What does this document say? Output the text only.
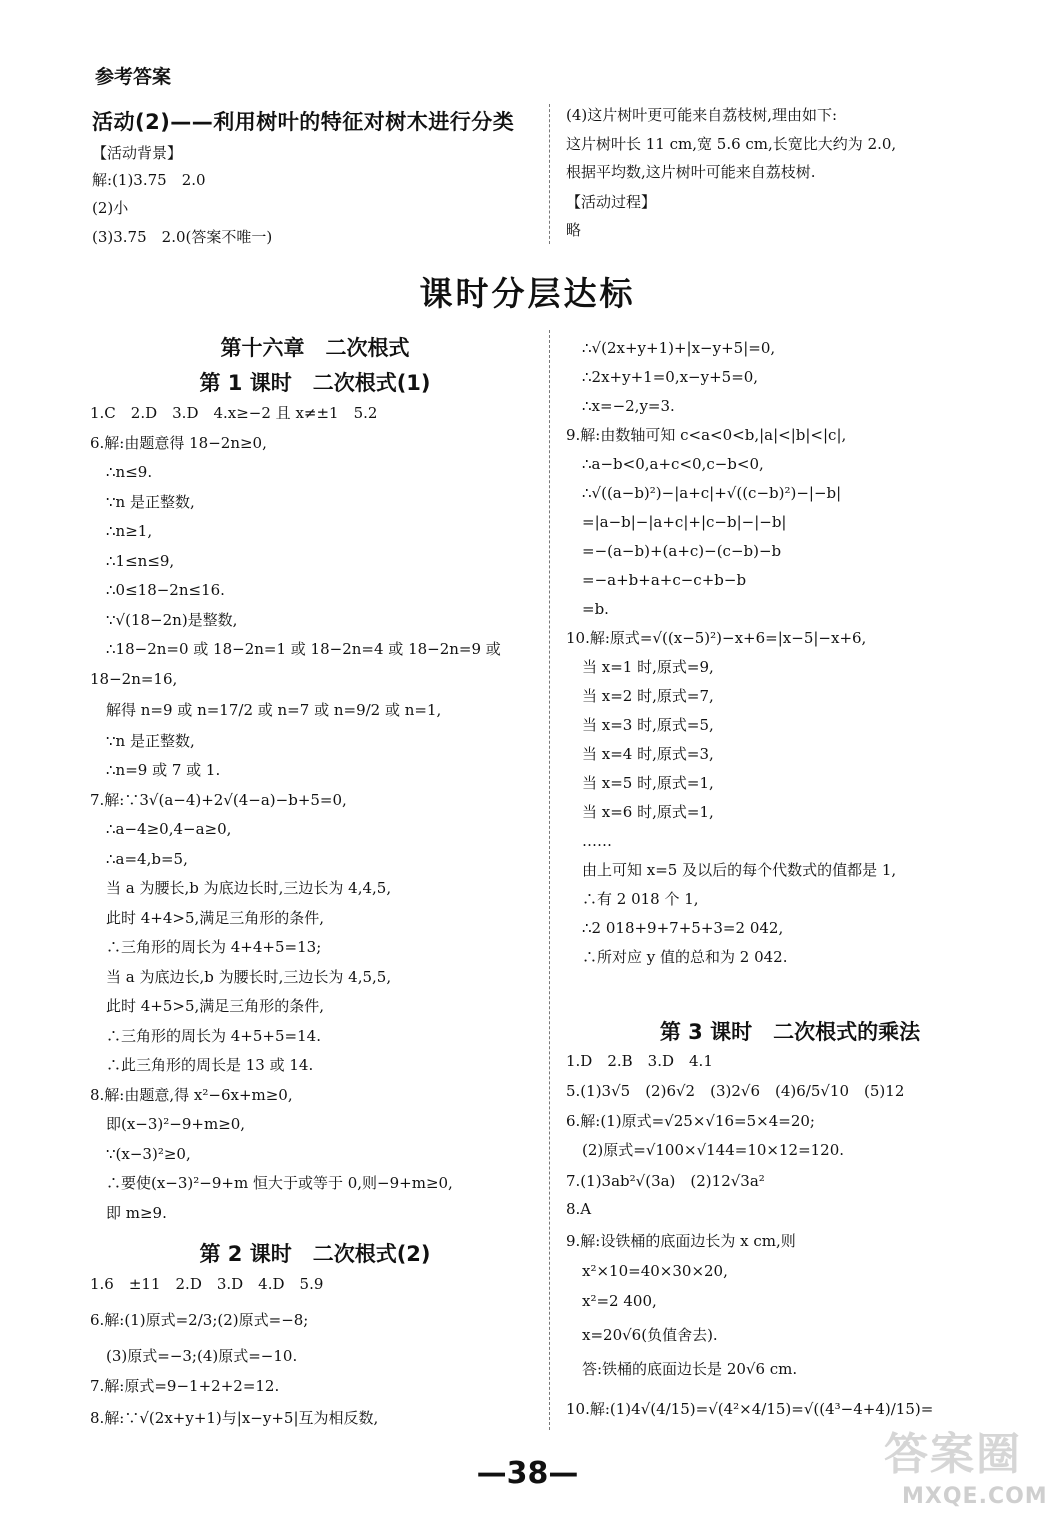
参考答案
活动(2)——利用树叶的特征对树木进行分类
【活动背景】
解:(1)3.75　2.0
(2)小
(3)3.75　2.0(答案不唯一)
(4)这片树叶更可能来自荔枝树,理由如下:
这片树叶长 11 cm,宽 5.6 cm,长宽比大约为 2.0,
根据平均数,这片树叶可能来自荔枝树.
【活动过程】
略
课时分层达标
第十六章　二次根式
第 1 课时　二次根式(1)
1.C　2.D　3.D　4.x≥−2 且 x≠±1　5.2
6.解:由题意得 18−2n≥0,
∴n≤9.
∵n 是正整数,
∴n≥1,
∴1≤n≤9,
∴0≤18−2n≤16.
∵√(18−2n)是整数,
∴18−2n=0 或 18−2n=1 或 18−2n=4 或 18−2n=9 或
18−2n=16,
解得 n=9 或 n=17/2 或 n=7 或 n=9/2 或 n=1,
∵n 是正整数,
∴n=9 或 7 或 1.
7.解:∵3√(a−4)+2√(4−a)−b+5=0,
∴a−4≥0,4−a≥0,
∴a=4,b=5,
当 a 为腰长,b 为底边长时,三边长为 4,4,5,
此时 4+4>5,满足三角形的条件,
∴三角形的周长为 4+4+5=13;
当 a 为底边长,b 为腰长时,三边长为 4,5,5,
此时 4+5>5,满足三角形的条件,
∴三角形的周长为 4+5+5=14.
∴此三角形的周长是 13 或 14.
8.解:由题意,得 x²−6x+m≥0,
即(x−3)²−9+m≥0,
∵(x−3)²≥0,
∴要使(x−3)²−9+m 恒大于或等于 0,则−9+m≥0,
即 m≥9.
第 2 课时　二次根式(2)
1.6　±11　2.D　3.D　4.D　5.9
6.解:(1)原式=2/3;(2)原式=−8;
(3)原式=−3;(4)原式=−10.
7.解:原式=9−1+2+2=12.
8.解:∵√(2x+y+1)与|x−y+5|互为相反数,
∴√(2x+y+1)+|x−y+5|=0,
∴2x+y+1=0,x−y+5=0,
∴x=−2,y=3.
9.解:由数轴可知 c<a<0<b,|a|<|b|<|c|,
∴a−b<0,a+c<0,c−b<0,
∴√((a−b)²)−|a+c|+√((c−b)²)−|−b|
=|a−b|−|a+c|+|c−b|−|−b|
=−(a−b)+(a+c)−(c−b)−b
=−a+b+a+c−c+b−b
=b.
10.解:原式=√((x−5)²)−x+6=|x−5|−x+6,
当 x=1 时,原式=9,
当 x=2 时,原式=7,
当 x=3 时,原式=5,
当 x=4 时,原式=3,
当 x=5 时,原式=1,
当 x=6 时,原式=1,
……
由上可知 x=5 及以后的每个代数式的值都是 1,
∴有 2 018 个 1,
∴2 018+9+7+5+3=2 042,
∴所对应 y 值的总和为 2 042.
第 3 课时　二次根式的乘法
1.D　2.B　3.D　4.1
5.(1)3√5　(2)6√2　(3)2√6　(4)6/5√10　(5)12
6.解:(1)原式=√25×√16=5×4=20;
(2)原式=√100×√144=10×12=120.
7.(1)3ab²√(3a)　(2)12√3a²
8.A
9.解:设铁桶的底面边长为 x cm,则
x²×10=40×30×20,
x²=2 400,
x=20√6(负值舍去).
答:铁桶的底面边长是 20√6 cm.
10.解:(1)4√(4/15)=√(4²×4/15)=√((4³−4+4)/15)=
—38—	答案圈
MXQE.COM
